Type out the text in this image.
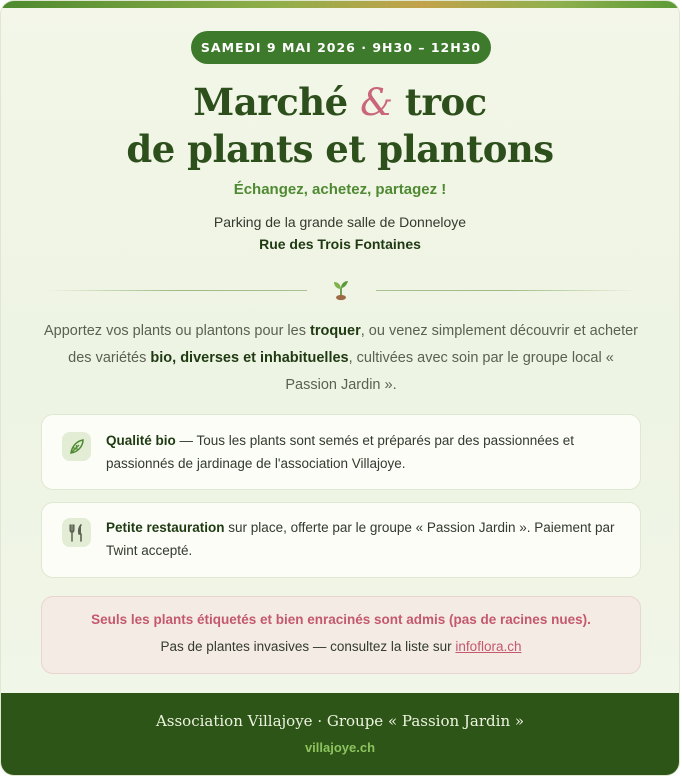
SAMEDI 9 MAI 2026 · 9H30 – 12H30
Marché & troc
de plants et plantons
Échangez, achetez, partagez !
Parking de la grande salle de Donneloye
Rue des Trois Fontaines

Apportez vos plants ou plantons pour les troquer, ou venez simplement découvrir et acheter des variétés bio, diverses et inhabituelles, cultivées avec soin par le groupe local « Passion Jardin ».

Qualité bio — Tous les plants sont semés et préparés par des passionnées et passionnés de jardinage de l'association Villajoye.
Petite restauration sur place, offerte par le groupe « Passion Jardin ». Paiement par Twint accepté.
Seuls les plants étiquetés et bien enracinés sont admis (pas de racines nues).
Pas de plantes invasives — consultez la liste sur infoflora.ch
Association Villajoye · Groupe « Passion Jardin »
villajoye.ch
